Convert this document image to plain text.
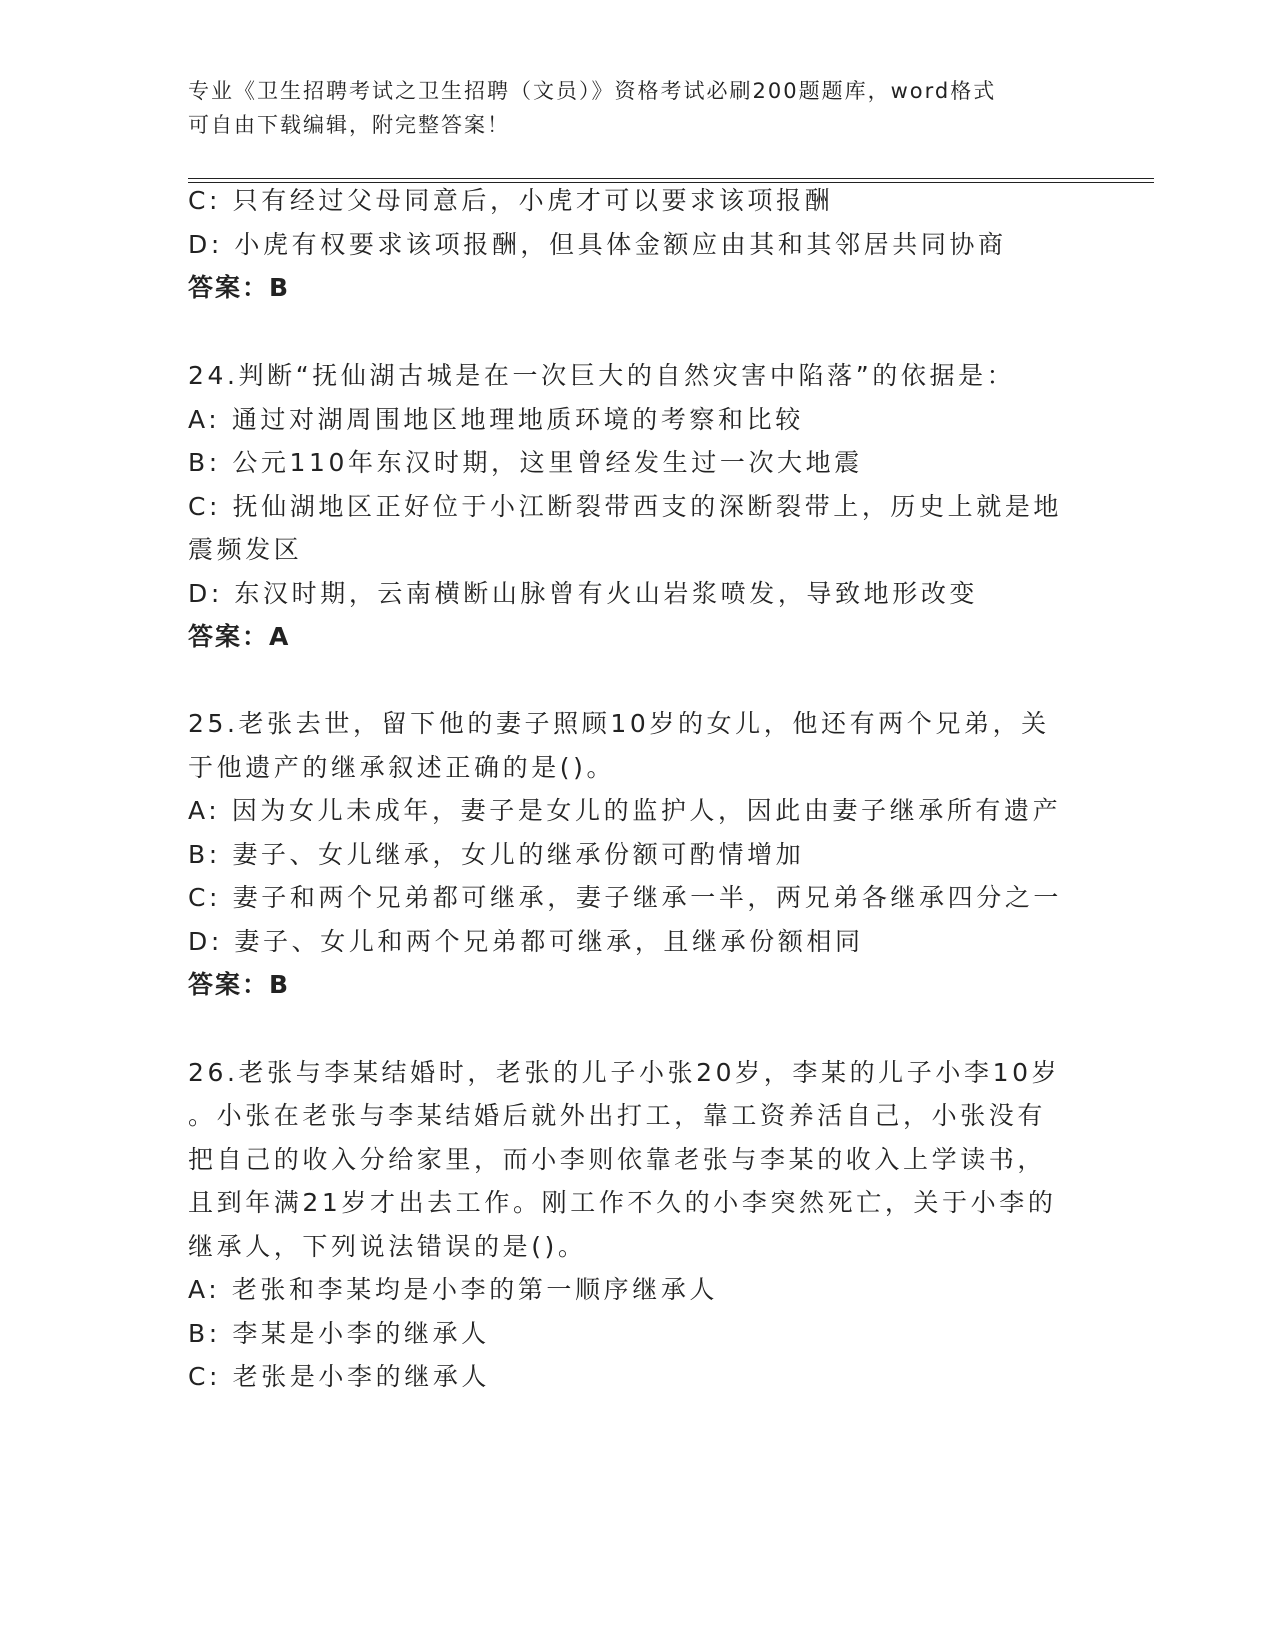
专业《卫生招聘考试之卫生招聘（文员）》资格考试必刷200题题库，word格式
可自由下载编辑，附完整答案！
C: 只有经过父母同意后，小虎才可以要求该项报酬
D: 小虎有权要求该项报酬，但具体金额应由其和其邻居共同协商
答案：B
24.判断“抚仙湖古城是在一次巨大的自然灾害中陷落”的依据是：
A: 通过对湖周围地区地理地质环境的考察和比较
B: 公元110年东汉时期，这里曾经发生过一次大地震
C: 抚仙湖地区正好位于小江断裂带西支的深断裂带上，历史上就是地
震频发区
D: 东汉时期，云南横断山脉曾有火山岩浆喷发，导致地形改变
答案：A
25.老张去世，留下他的妻子照顾10岁的女儿，他还有两个兄弟，关
于他遗产的继承叙述正确的是()。
A: 因为女儿未成年，妻子是女儿的监护人，因此由妻子继承所有遗产
B: 妻子、女儿继承，女儿的继承份额可酌情增加
C: 妻子和两个兄弟都可继承，妻子继承一半，两兄弟各继承四分之一
D: 妻子、女儿和两个兄弟都可继承，且继承份额相同
答案：B
26.老张与李某结婚时，老张的儿子小张20岁，李某的儿子小李10岁
。小张在老张与李某结婚后就外出打工，靠工资养活自己，小张没有
把自己的收入分给家里，而小李则依靠老张与李某的收入上学读书，
且到年满21岁才出去工作。刚工作不久的小李突然死亡，关于小李的
继承人，下列说法错误的是()。
A: 老张和李某均是小李的第一顺序继承人
B: 李某是小李的继承人
C: 老张是小李的继承人
